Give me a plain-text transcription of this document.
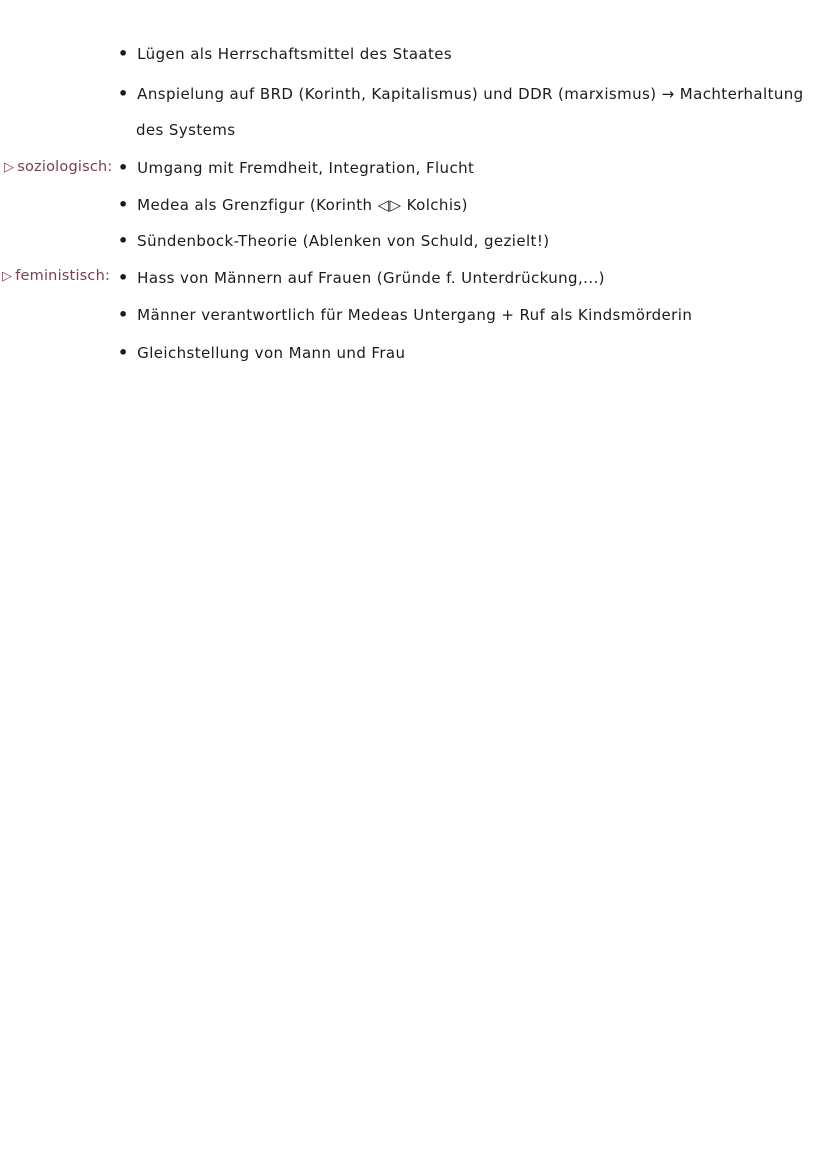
• Lügen als Herrschaftsmittel des Staates
• Anspielung auf BRD (Korinth, Kapitalismus) und DDR (marxismus) → Machterhaltung
des Systems
▷ soziologisch: • Umgang mit Fremdheit, Integration, Flucht
• Medea als Grenzfigur (Korinth ◁▷ Kolchis)
• Sündenbock-Theorie (Ablenken von Schuld, gezielt!)
▷ feministisch: • Hass von Männern auf Frauen (Gründe f. Unterdrückung,...)
• Männer verantwortlich für Medeas Untergang + Ruf als Kindsmörderin
• Gleichstellung von Mann und Frau
